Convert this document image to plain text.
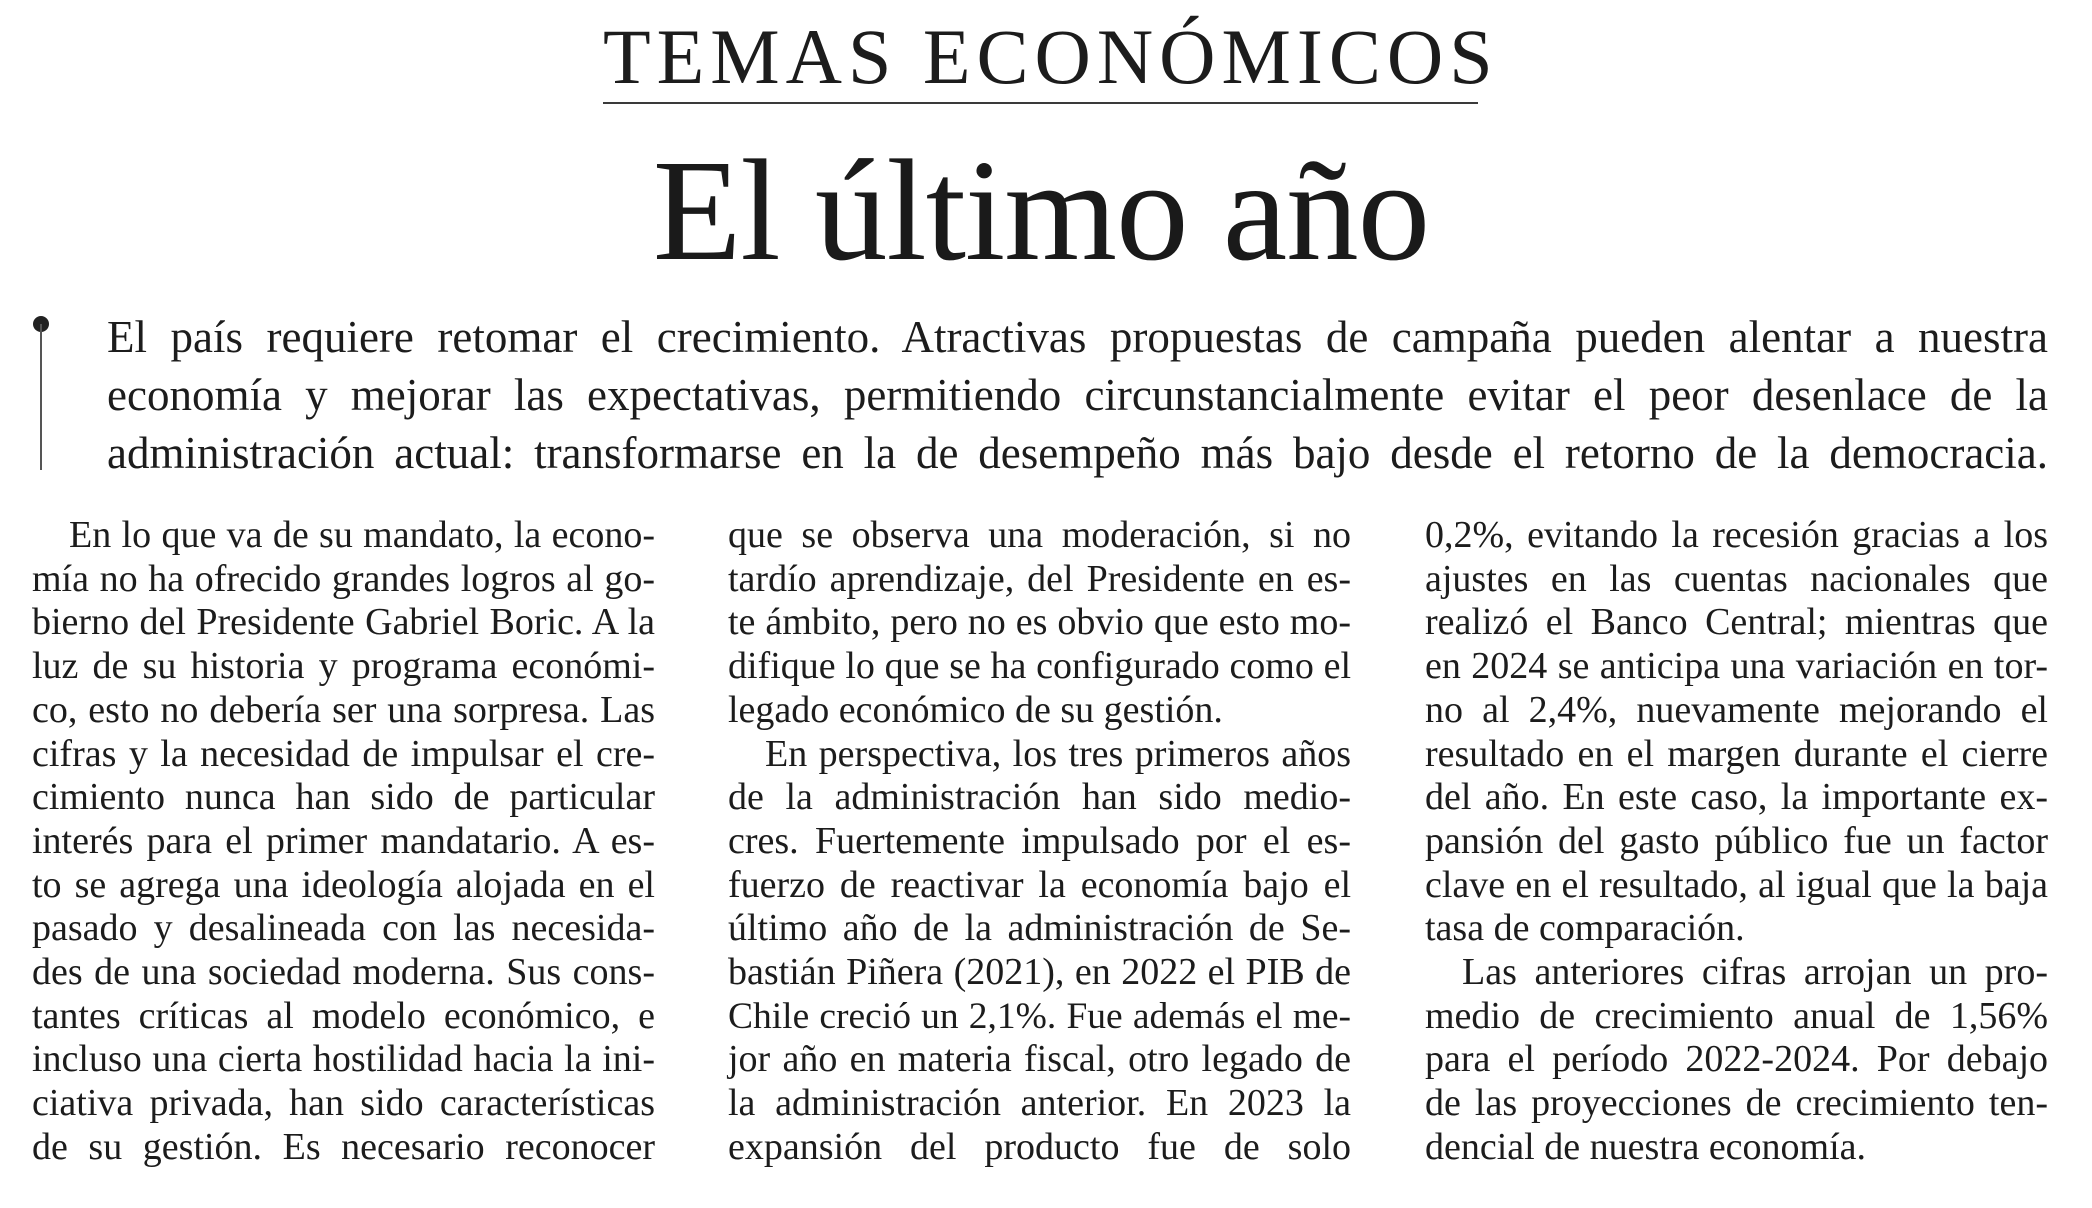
TEMAS ECONÓMICOS
El último año
El país requiere retomar el crecimiento. Atractivas propuestas de campaña pueden alentar a nuestra
economía y mejorar las expectativas, permitiendo circunstancialmente evitar el peor desenlace de la
administración actual: transformarse en la de desempeño más bajo desde el retorno de la democracia.
En lo que va de su mandato, la econo-
mía no ha ofrecido grandes logros al go-
bierno del Presidente Gabriel Boric. A la
luz de su historia y programa económi-
co, esto no debería ser una sorpresa. Las
cifras y la necesidad de impulsar el cre-
cimiento nunca han sido de particular
interés para el primer mandatario. A es-
to se agrega una ideología alojada en el
pasado y desalineada con las necesida-
des de una sociedad moderna. Sus cons-
tantes críticas al modelo económico, e
incluso una cierta hostilidad hacia la ini-
ciativa privada, han sido características
de su gestión. Es necesario reconocer
que se observa una moderación, si no
tardío aprendizaje, del Presidente en es-
te ámbito, pero no es obvio que esto mo-
difique lo que se ha configurado como el
legado económico de su gestión.
En perspectiva, los tres primeros años
de la administración han sido medio-
cres. Fuertemente impulsado por el es-
fuerzo de reactivar la economía bajo el
último año de la administración de Se-
bastián Piñera (2021), en 2022 el PIB de
Chile creció un 2,1%. Fue además el me-
jor año en materia fiscal, otro legado de
la administración anterior. En 2023 la
expansión del producto fue de solo
0,2%, evitando la recesión gracias a los
ajustes en las cuentas nacionales que
realizó el Banco Central; mientras que
en 2024 se anticipa una variación en tor-
no al 2,4%, nuevamente mejorando el
resultado en el margen durante el cierre
del año. En este caso, la importante ex-
pansión del gasto público fue un factor
clave en el resultado, al igual que la baja
tasa de comparación.
Las anteriores cifras arrojan un pro-
medio de crecimiento anual de 1,56%
para el período 2022-2024. Por debajo
de las proyecciones de crecimiento ten-
dencial de nuestra economía.
